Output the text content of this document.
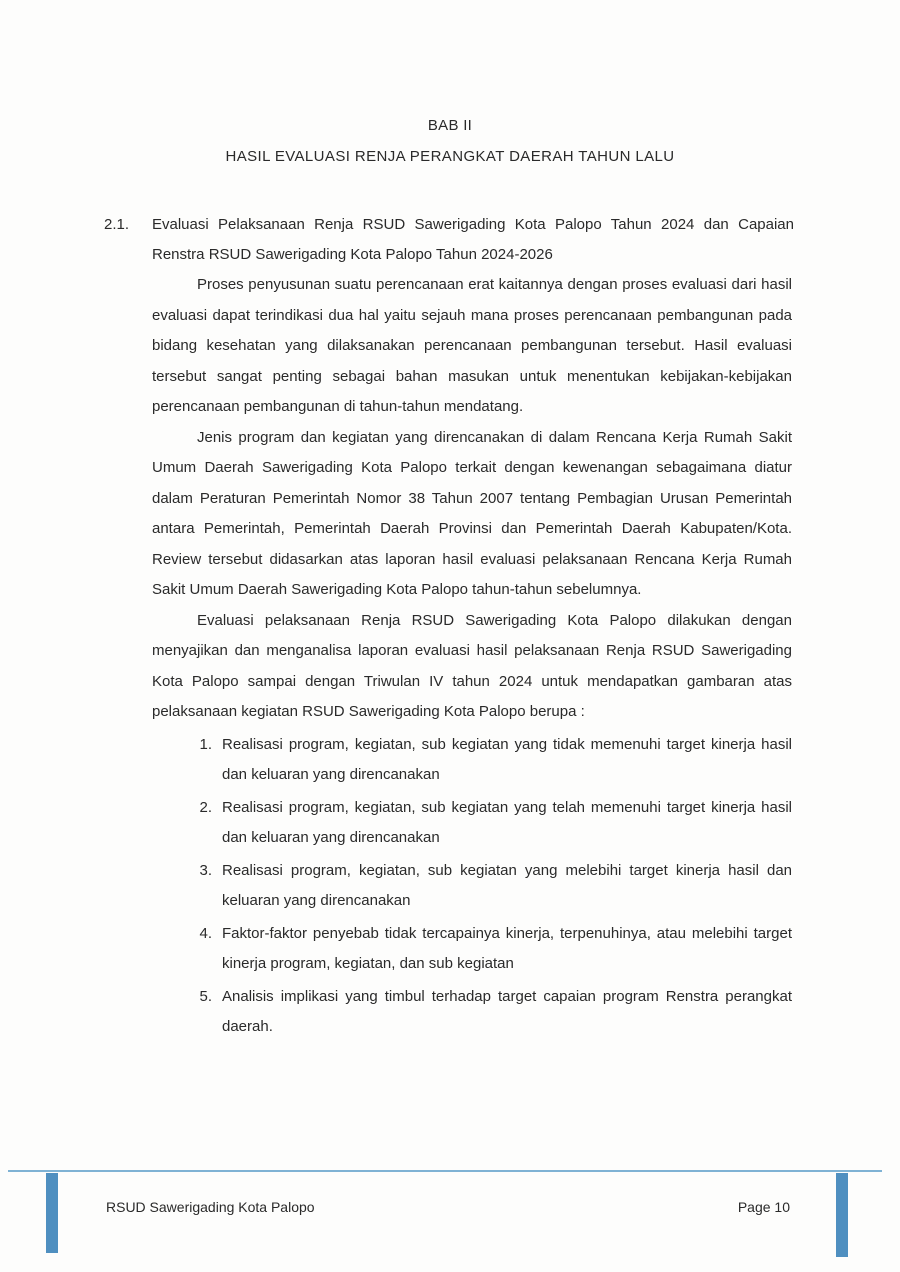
BAB II
HASIL EVALUASI RENJA PERANGKAT DAERAH TAHUN LALU
2.1.	Evaluasi Pelaksanaan Renja RSUD Sawerigading Kota Palopo Tahun 2024 dan Capaian Renstra RSUD Sawerigading Kota Palopo Tahun 2024-2026

Proses penyusunan suatu perencanaan erat kaitannya dengan proses evaluasi dari hasil evaluasi dapat terindikasi dua hal yaitu sejauh mana proses perencanaan pembangunan pada bidang kesehatan yang dilaksanakan perencanaan pembangunan tersebut. Hasil evaluasi tersebut sangat penting sebagai bahan masukan untuk menentukan kebijakan-kebijakan perencanaan pembangunan di tahun-tahun mendatang.

Jenis program dan kegiatan yang direncanakan di dalam Rencana Kerja Rumah Sakit Umum Daerah Sawerigading Kota Palopo terkait dengan kewenangan sebagaimana diatur dalam Peraturan Pemerintah Nomor 38 Tahun 2007 tentang Pembagian Urusan Pemerintah antara Pemerintah, Pemerintah Daerah Provinsi dan Pemerintah Daerah Kabupaten/Kota. Review tersebut didasarkan atas laporan hasil evaluasi pelaksanaan Rencana Kerja Rumah Sakit Umum Daerah Sawerigading Kota Palopo tahun-tahun sebelumnya.

Evaluasi pelaksanaan Renja RSUD Sawerigading Kota Palopo dilakukan dengan menyajikan dan menganalisa laporan evaluasi hasil pelaksanaan Renja RSUD Sawerigading Kota Palopo sampai dengan Triwulan IV tahun 2024 untuk mendapatkan gambaran atas pelaksanaan kegiatan RSUD Sawerigading Kota Palopo berupa :

1. Realisasi program, kegiatan, sub kegiatan yang tidak memenuhi target kinerja hasil dan keluaran yang direncanakan
2. Realisasi program, kegiatan, sub kegiatan yang telah memenuhi target kinerja hasil dan keluaran yang direncanakan
3. Realisasi program, kegiatan, sub kegiatan yang melebihi target kinerja hasil dan keluaran yang direncanakan
4. Faktor-faktor penyebab tidak tercapainya kinerja, terpenuhinya, atau melebihi target kinerja program, kegiatan, dan sub kegiatan
5. Analisis implikasi yang timbul terhadap target capaian program Renstra perangkat daerah.
RSUD Sawerigading Kota Palopo	Page 10
